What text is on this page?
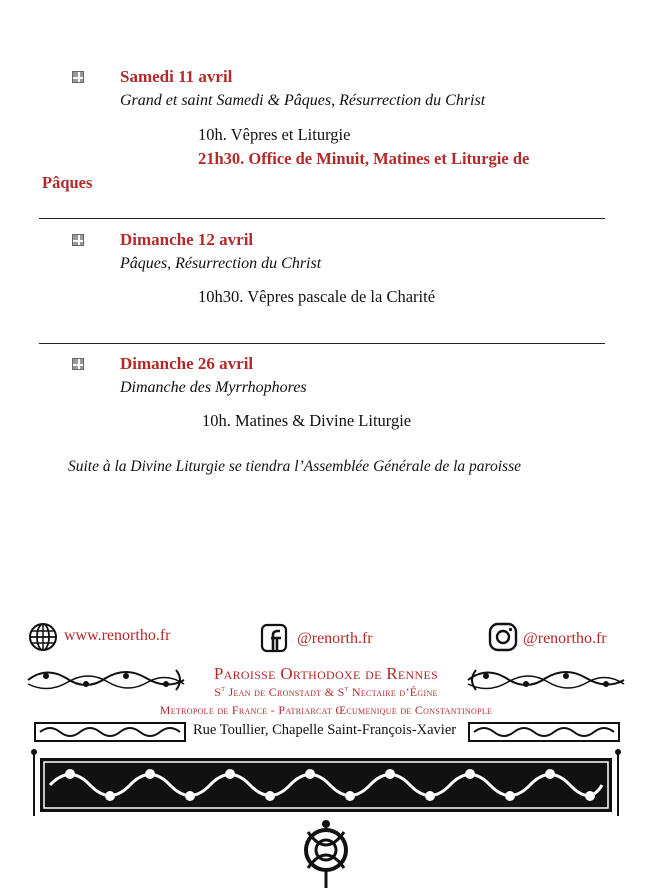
Samedi 11 avril
Grand et saint Samedi & Pâques, Résurrection du Christ
10h. Vêpres et Liturgie
21h30. Office de Minuit, Matines et Liturgie de
Pâques
Dimanche 12 avril
Pâques, Résurrection du Christ
10h30. Vêpres pascale de la Charité
Dimanche 26 avril
Dimanche des Myrrhophores
10h. Matines & Divine Liturgie
Suite à la Divine Liturgie se tiendra l’Assemblée Générale de la paroisse
www.renortho.fr	@renorth.fr	@renortho.fr
Paroisse Orthodoxe de Rennes
$S^t$ Jean de Cronstadt & $S^t$ Nectaire d’Égine
Metropole de France - Patriarcat Œcumenique de Constantinople
Rue Toullier, Chapelle Saint-François-Xavier
